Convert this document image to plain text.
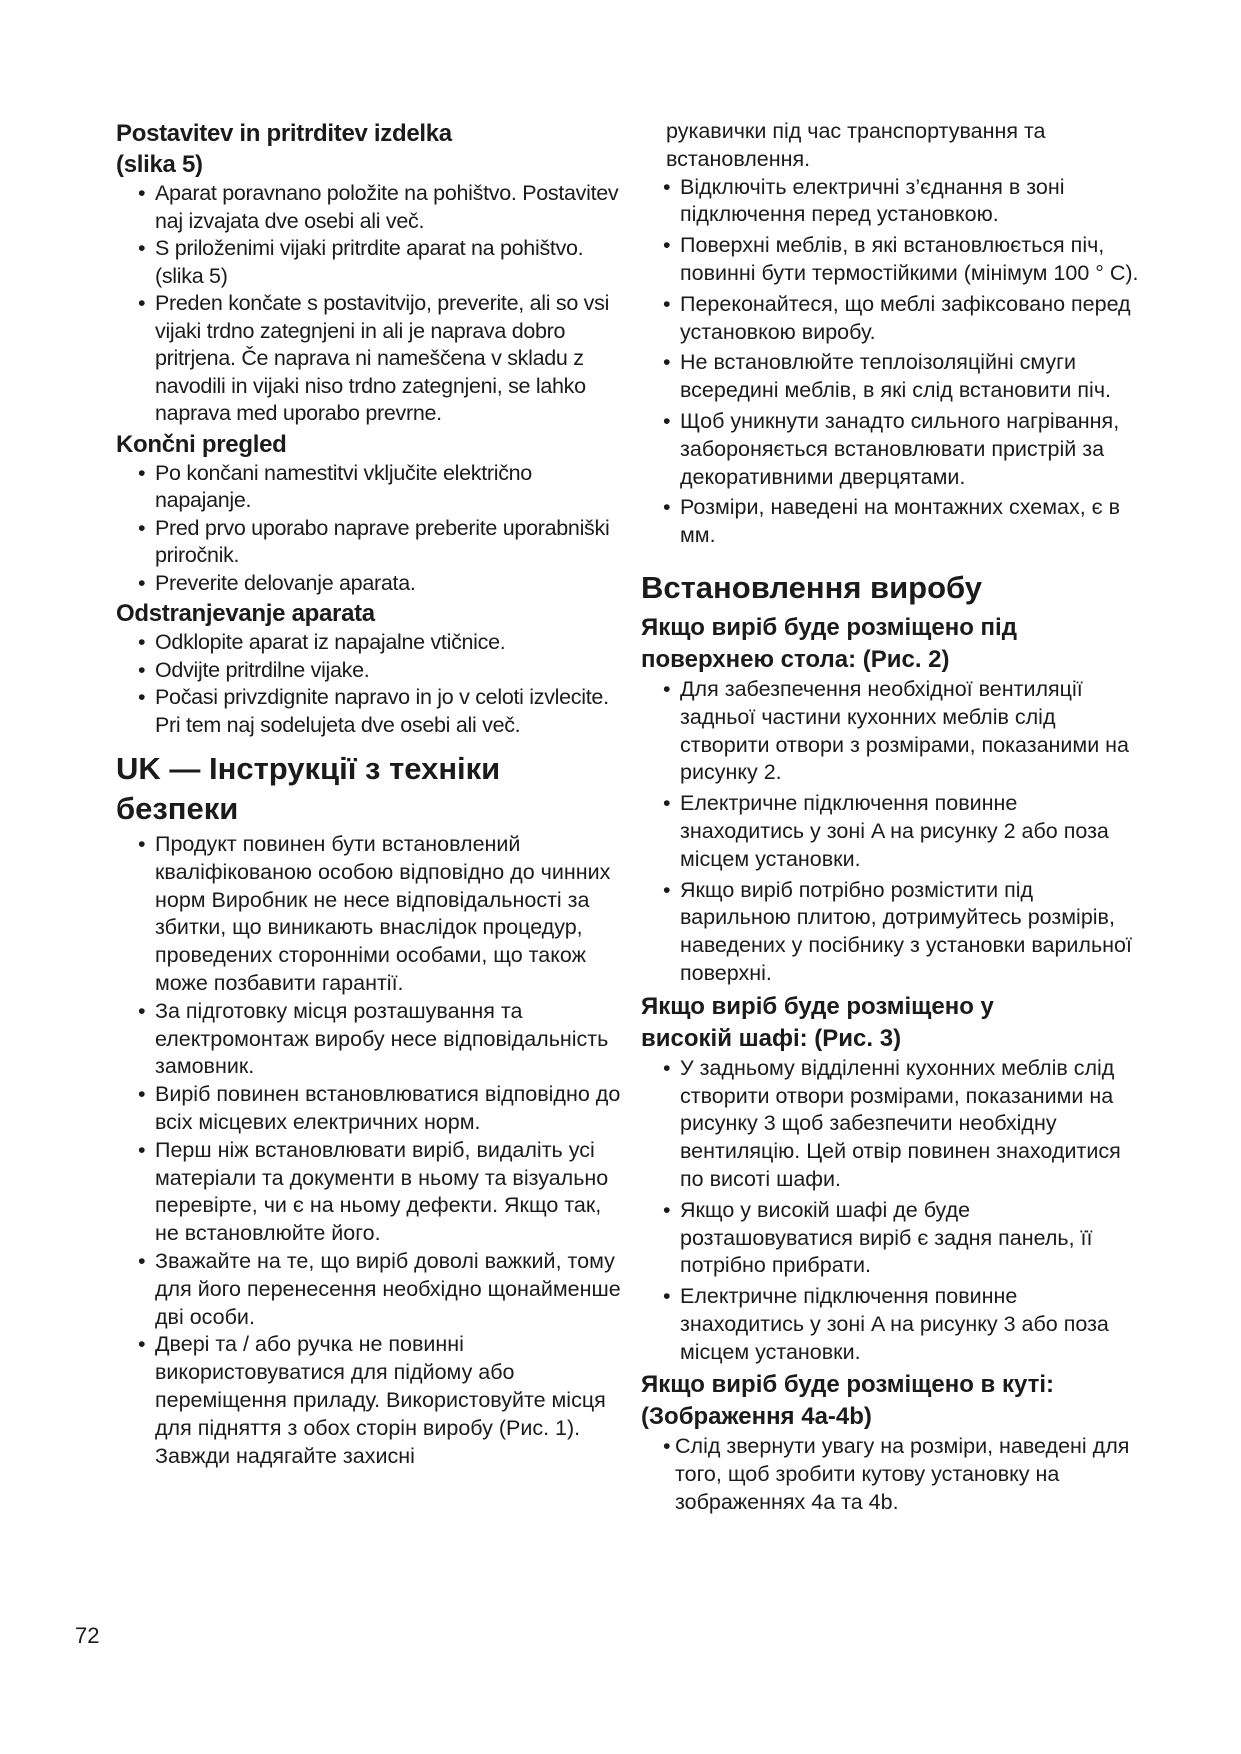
Postavitev in pritrditev izdelka
(slika 5)
• Aparat poravnano položite na pohištvo. Postavitev naj izvajata dve osebi ali več.
• S priloženimi vijaki pritrdite aparat na pohištvo. (slika 5)
• Preden končate s postavitvijo, preverite, ali so vsi vijaki trdno zategnjeni in ali je naprava dobro pritrjena. Če naprava ni nameščena v skladu z navodili in vijaki niso trdno zategnjeni, se lahko naprava med uporabo prevrne.
Končni pregled
• Po končani namestitvi vključite električno napajanje.
• Pred prvo uporabo naprave preberite uporabniški priročnik.
• Preverite delovanje aparata.
Odstranjevanje aparata
• Odklopite aparat iz napajalne vtičnice.
• Odvijte pritrdilne vijake.
• Počasi privzdignite napravo in jo v celoti izvlecite. Pri tem naj sodelujeta dve osebi ali več.
UK — Інструкції з техніки
безпеки
• Продукт повинен бути встановлений кваліфікованою особою відповідно до чинних норм Виробник не несе відповідальності за збитки, що виникають внаслідок процедур, проведених сторонніми особами, що також може позбавити гарантії.
• За підготовку місця розташування та електромонтаж виробу несе відповідальність замовник.
• Виріб повинен встановлюватися відповідно до всіх місцевих електричних норм.
• Перш ніж встановлювати виріб, видаліть усі матеріали та документи в ньому та візуально перевірте, чи є на ньому дефекти. Якщо так, не встановлюйте його.
• Зважайте на те, що виріб доволі важкий, тому для його перенесення необхідно щонайменше дві особи.
• Двері та / або ручка не повинні використовуватися для підйому або переміщення приладу. Використовуйте місця для підняття з обох сторін виробу (Рис. 1). Завжди надягайте захисні
рукавички під час транспортування та встановлення.
• Відключіть електричні з’єднання в зоні підключення перед установкою.
• Поверхні меблів, в які встановлюється піч, повинні бути термостійкими (мінімум 100 ° C).
• Переконайтеся, що меблі зафіксовано перед установкою виробу.
• Не встановлюйте теплоізоляційні смуги всередині меблів, в які слід встановити піч.
• Щоб уникнути занадто сильного нагрівання, забороняється встановлювати пристрій за декоративними дверцятами.
• Розміри, наведені на монтажних схемах, є в мм.
Встановлення виробу
Якщо виріб буде розміщено під
поверхнею стола: (Рис. 2)
• Для забезпечення необхідної вентиляції задньої частини кухонних меблів слід створити отвори з розмірами, показаними на рисунку 2.
• Електричне підключення повинне знаходитись у зоні A на рисунку 2 або поза місцем установки.
• Якщо виріб потрібно розмістити під варильною плитою, дотримуйтесь розмірів, наведених у посібнику з установки варильної поверхні.
Якщо виріб буде розміщено у
високій шафі: (Рис. 3)
• У задньому відділенні кухонних меблів слід створити отвори розмірами, показаними на рисунку 3 щоб забезпечити необхідну вентиляцію. Цей отвір повинен знаходитися по висоті шафи.
• Якщо у високій шафі де буде розташовуватися виріб є задня панель, її потрібно прибрати.
• Електричне підключення повинне знаходитись у зоні A на рисунку 3 або поза місцем установки.
Якщо виріб буде розміщено в куті:
(Зображення 4a-4b)
• Слід звернути увагу на розміри, наведені для того, щоб зробити кутову установку на зображеннях 4a та 4b.
72
